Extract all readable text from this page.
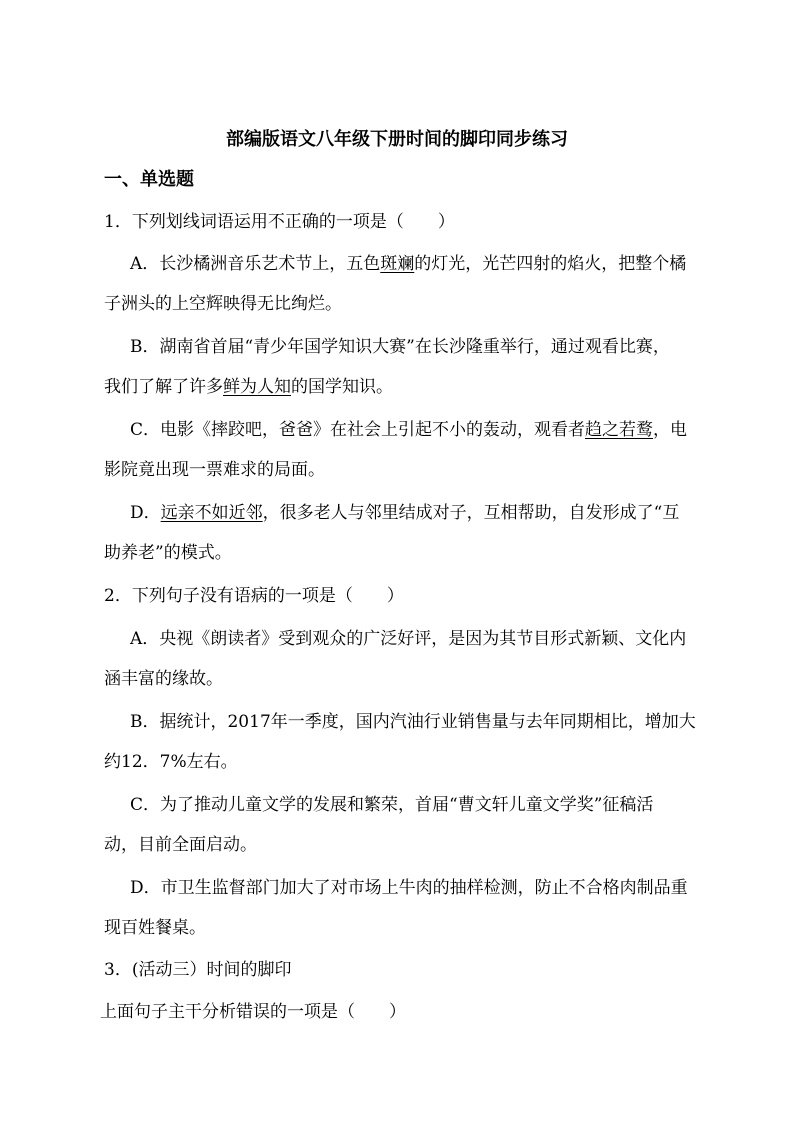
部编版语文八年级下册时间的脚印同步练习
一、单选题
1．下列划线词语运用不正确的一项是（　　）
A．长沙橘洲音乐艺术节上，五色斑斓的灯光，光芒四射的焰火，把整个橘
子洲头的上空辉映得无比绚烂。
B．湖南省首届“青少年国学知识大赛”在长沙隆重举行，通过观看比赛，
我们了解了许多鲜为人知的国学知识。
C．电影《摔跤吧，爸爸》在社会上引起不小的轰动，观看者趋之若鹜，电
影院竟出现一票难求的局面。
D．远亲不如近邻，很多老人与邻里结成对子，互相帮助，自发形成了“互
助养老”的模式。
2．下列句子没有语病的一项是（　　）
A．央视《朗读者》受到观众的广泛好评，是因为其节目形式新颖、文化内
涵丰富的缘故。
B．据统计，2017年一季度，国内汽油行业销售量与去年同期相比，增加大
约12．7%左右。
C．为了推动儿童文学的发展和繁荣，首届“曹文轩儿童文学奖”征稿活
动，目前全面启动。
D．市卫生监督部门加大了对市场上牛肉的抽样检测，防止不合格肉制品重
现百姓餐桌。
3．(活动三）时间的脚印
上面句子主干分析错误的一项是（　　）
